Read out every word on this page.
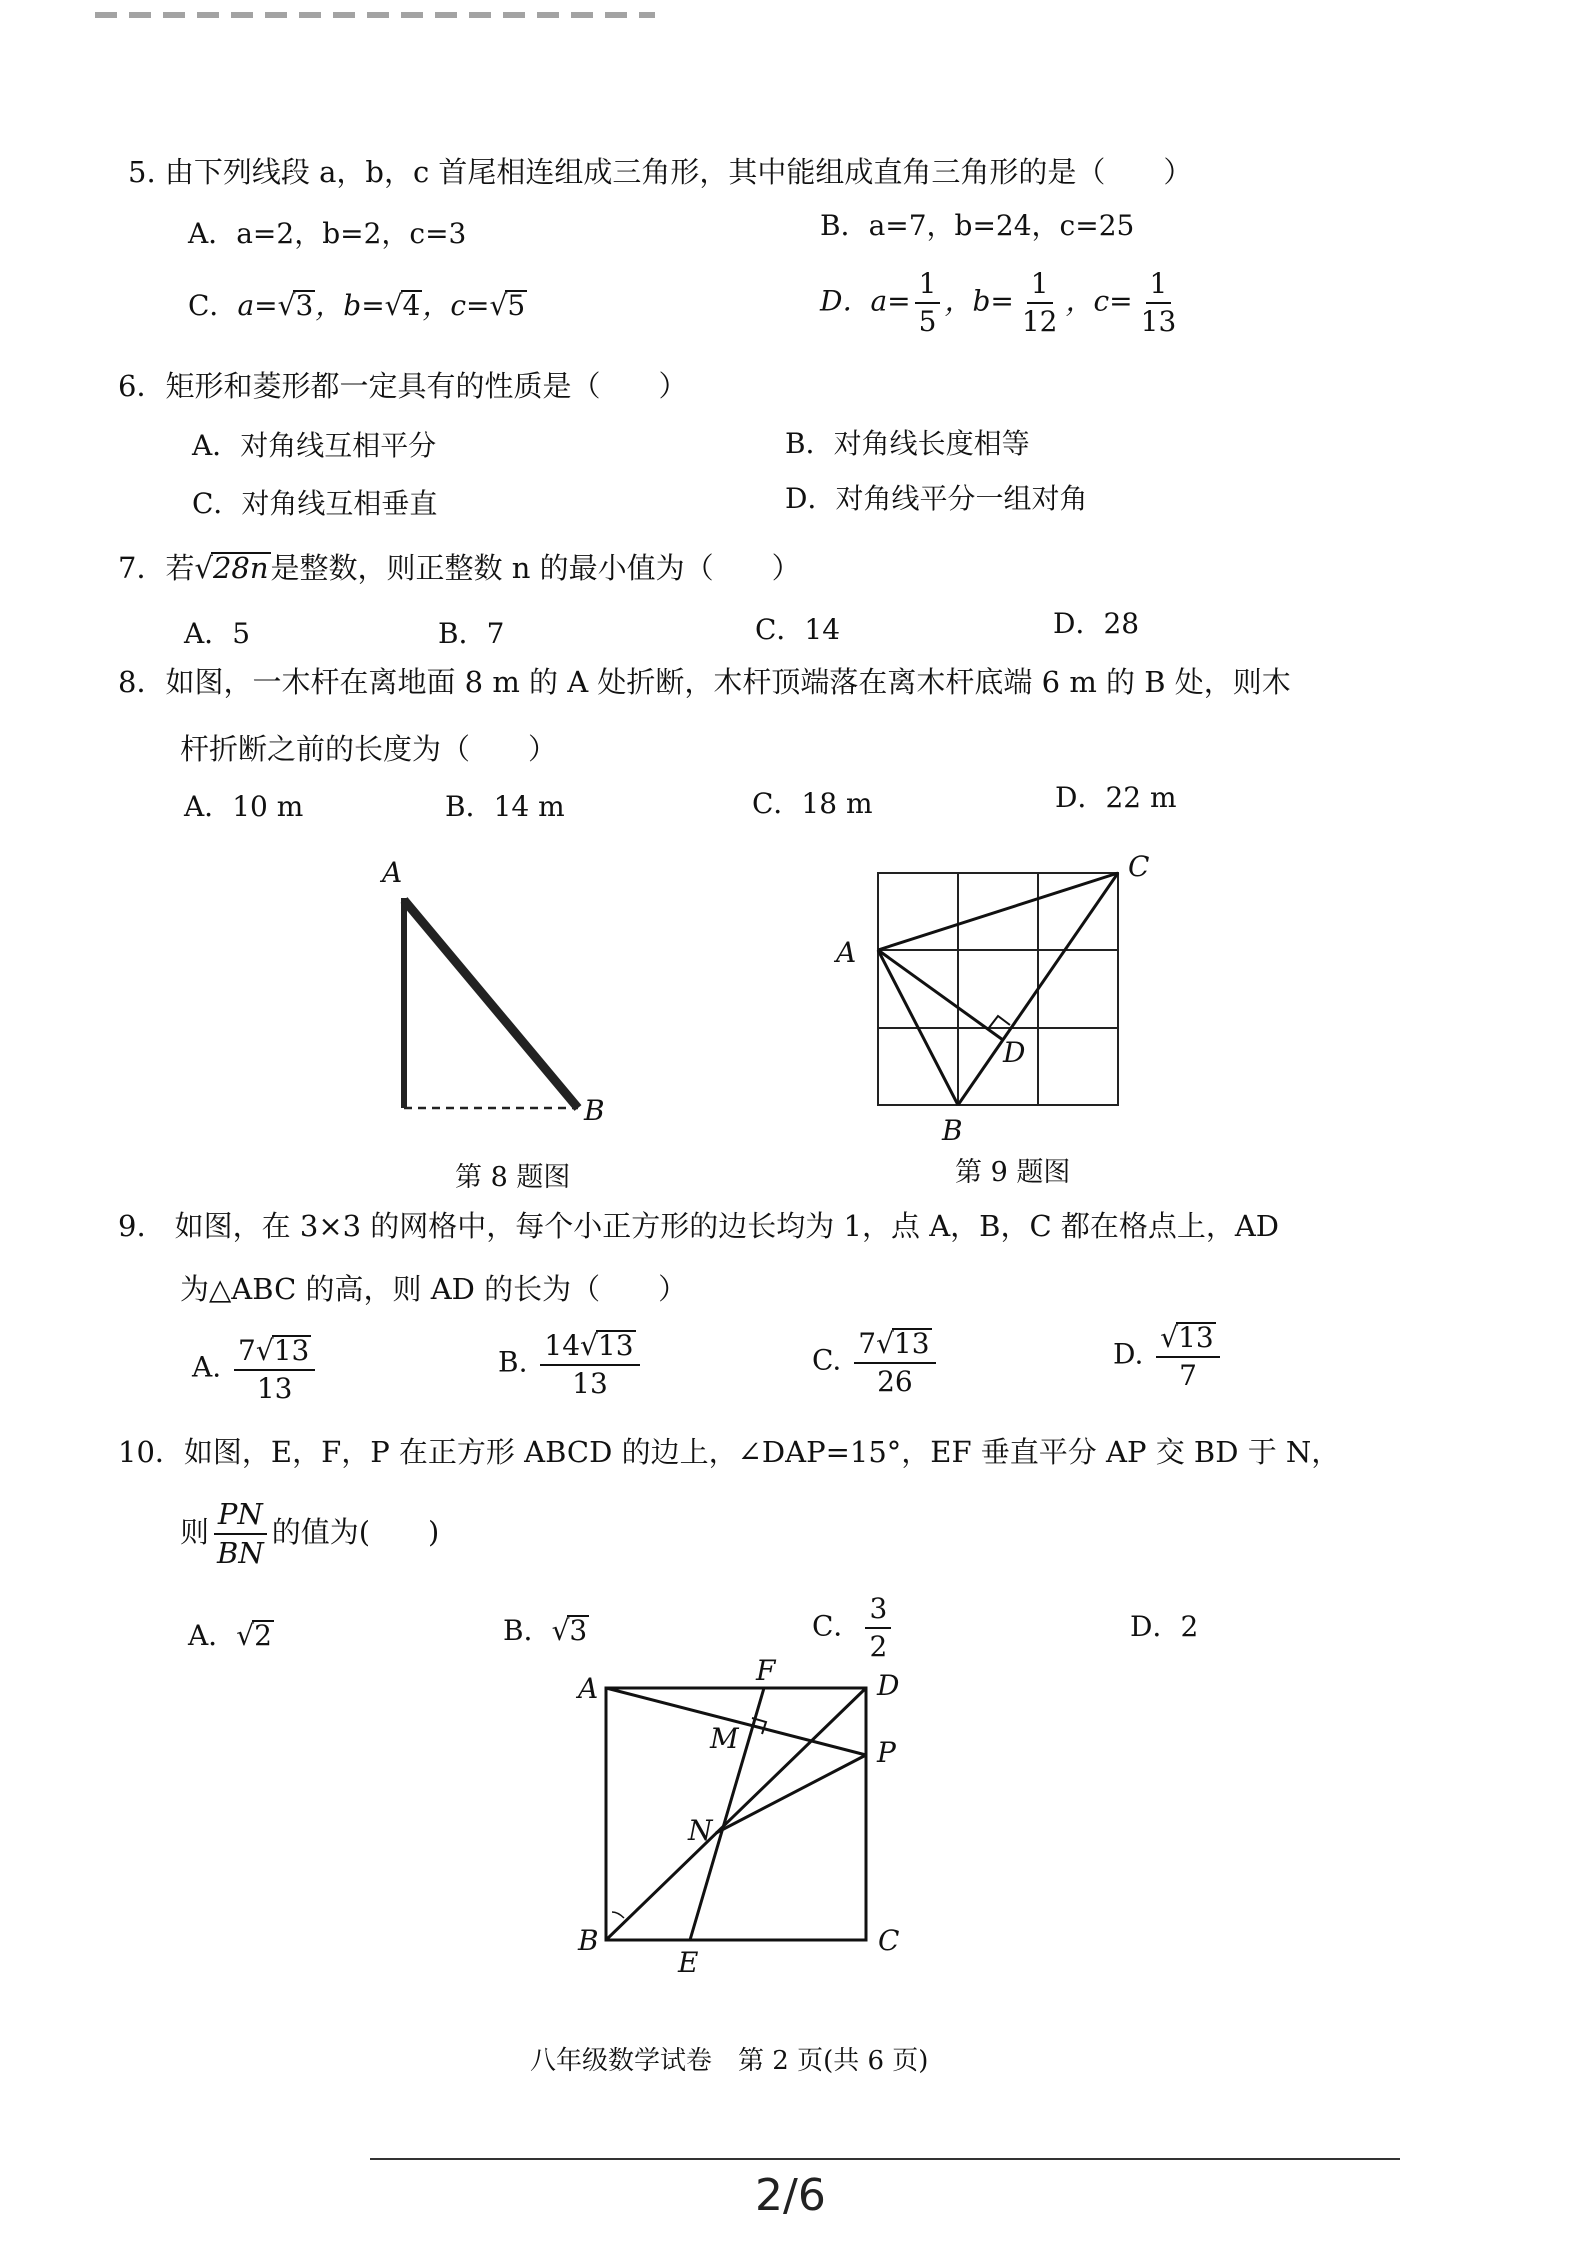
5. 由下列线段 a，b，c 首尾相连组成三角形，其中能组成直角三角形的是（　　）
A．a=2，b=2，c=3	B．a=7，b=24，c=25
C．a=√3，b=√4，c=√5	D．$a= \frac{1}{5}$ ，$b= \frac{1}{12}$ ，$c= \frac{1}{13}$
6．矩形和菱形都一定具有的性质是（　　）
A．对角线互相平分	B．对角线长度相等
C．对角线互相垂直	D．对角线平分一组对角
7．若√28n是整数，则正整数 n 的最小值为（　　）
A．5	B．7	C．14	D．28
8．如图，一木杆在离地面 8 m 的 A 处折断，木杆顶端落在离木杆底端 6 m 的 B 处，则木
杆折断之前的长度为（　　）
A．10 m	B．14 m	C．18 m	D．22 m
A
B
第 8 题图
C
A
D
B
第 9 题图
9.　如图，在 3×3 的网格中，每个小正方形的边长均为 1，点 A，B，C 都在格点上，AD
为△ABC 的高，则 AD 的长为（　　）
A. $\frac{7√13}{13}$	B. $\frac{14√13}{13}$	C. $\frac{7√13}{26}$	D. $\frac{√13}{7}$
10．如图，E，F，P 在正方形 ABCD 的边上，∠DAP=15°，EF 垂直平分 AP 交 BD 于 N，
则 $\frac{PN}{BN}$ 的值为(　　)
A．√2	B．√3	C． $\frac{3}{2}$	D．2
A	D
F
M	P
N
B	C
E
八年级数学试卷　第 2 页(共 6 页)
2/6
